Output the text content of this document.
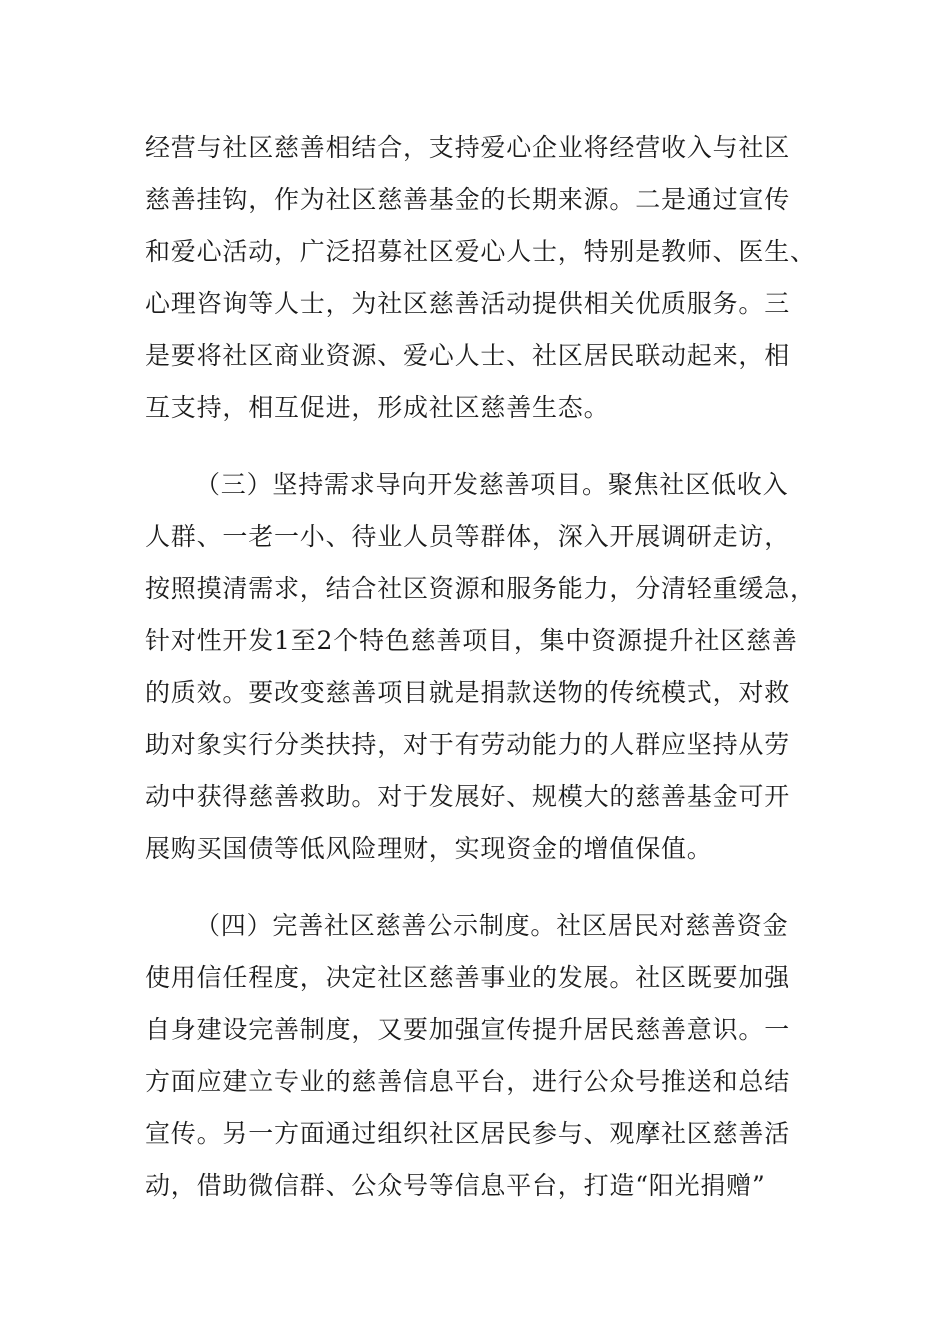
经营与社区慈善相结合，支持爱心企业将经营收入与社区
慈善挂钩，作为社区慈善基金的长期来源。二是通过宣传
和爱心活动，广泛招募社区爱心人士，特别是教师、医生、
心理咨询等人士，为社区慈善活动提供相关优质服务。三
是要将社区商业资源、爱心人士、社区居民联动起来，相
互支持，相互促进，形成社区慈善生态。
（三）坚持需求导向开发慈善项目。聚焦社区低收入
人群、一老一小、待业人员等群体，深入开展调研走访，
按照摸清需求，结合社区资源和服务能力，分清轻重缓急，
针对性开发1至2个特色慈善项目，集中资源提升社区慈善
的质效。要改变慈善项目就是捐款送物的传统模式，对救
助对象实行分类扶持，对于有劳动能力的人群应坚持从劳
动中获得慈善救助。对于发展好、规模大的慈善基金可开
展购买国债等低风险理财，实现资金的增值保值。
（四）完善社区慈善公示制度。社区居民对慈善资金
使用信任程度，决定社区慈善事业的发展。社区既要加强
自身建设完善制度，又要加强宣传提升居民慈善意识。一
方面应建立专业的慈善信息平台，进行公众号推送和总结
宣传。另一方面通过组织社区居民参与、观摩社区慈善活
动，借助微信群、公众号等信息平台，打造“阳光捐赠”
